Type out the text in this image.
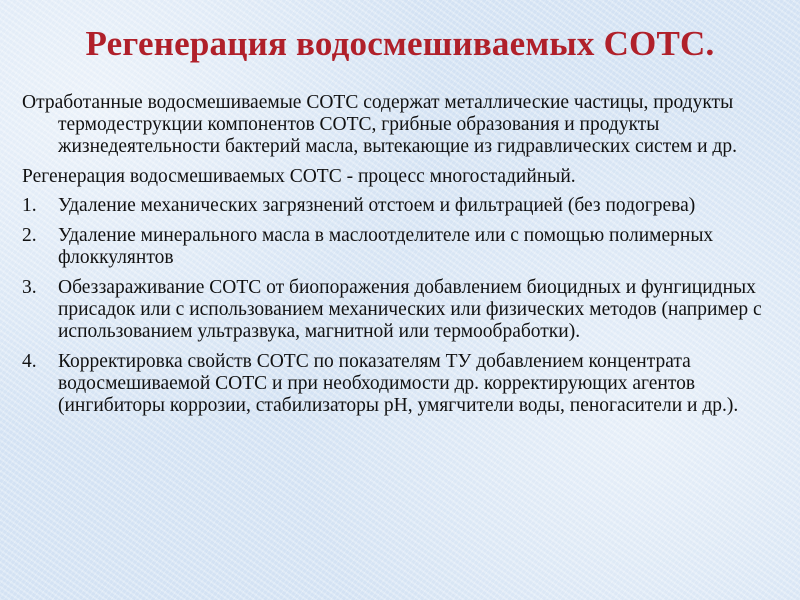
Регенерация водосмешиваемых СОТС.

Отработанные водосмешиваемые СОТС содержат металлические частицы, продукты термодеструкции компонентов СОТС, грибные образования и продукты жизнедеятельности бактерий масла, вытекающие из гидравлических систем и др.

Регенерация водосмешиваемых СОТС - процесс многостадийный.

1. Удаление механических загрязнений отстоем и фильтрацией (без подогрева)
2. Удаление минерального масла в маслоотделителе или с помощью полимерных флоккулянтов
3. Обеззараживание СОТС от биопоражения добавлением биоцидных и фунгицидных присадок или с использованием механических или физических методов (например с использованием ультразвука, магнитной или термообработки).
4. Корректировка свойств СОТС по показателям ТУ добавлением концентрата водосмешиваемой СОТС и при необходимости др. корректирующих агентов (ингибиторы коррозии, стабилизаторы pH, умягчители воды, пеногасители и др.).
